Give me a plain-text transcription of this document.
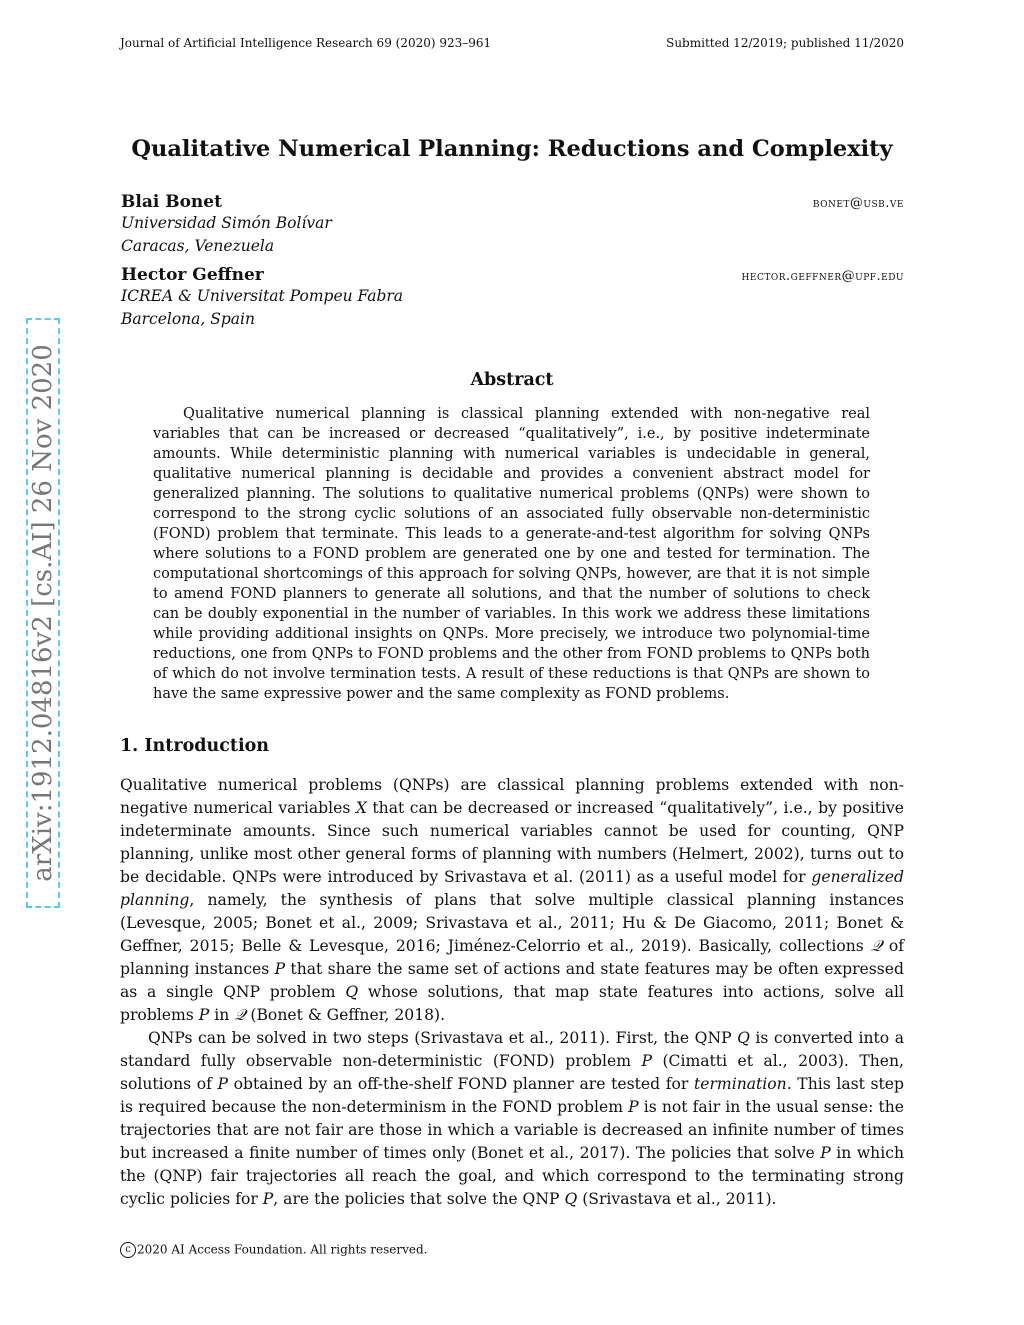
Journal of Artificial Intelligence Research 69 (2020) 923–961	Submitted 12/2019; published 11/2020
Qualitative Numerical Planning: Reductions and Complexity
Blai Bonet	bonet@usb.ve
Universidad Simón Bolívar
Caracas, Venezuela
Hector Geffner	hector.geffner@upf.edu
ICREA & Universitat Pompeu Fabra
Barcelona, Spain
arXiv:1912.04816v2 [cs.AI] 26 Nov 2020	Abstract

Qualitative numerical planning is classical planning extended with non-negative real variables that can be increased or decreased “qualitatively”, i.e., by positive indeterminate amounts. While deterministic planning with numerical variables is undecidable in general, qualitative numerical planning is decidable and provides a convenient abstract model for generalized planning. The solutions to qualitative numerical problems (QNPs) were shown to correspond to the strong cyclic solutions of an associated fully observable non-deterministic (FOND) problem that terminate. This leads to a generate-and-test algorithm for solving QNPs where solutions to a FOND problem are generated one by one and tested for termination. The computational shortcomings of this approach for solving QNPs, however, are that it is not simple to amend FOND planners to generate all solutions, and that the number of solutions to check can be doubly exponential in the number of variables. In this work we address these limitations while providing additional insights on QNPs. More precisely, we introduce two polynomial-time reductions, one from QNPs to FOND problems and the other from FOND problems to QNPs both of which do not involve termination tests. A result of these reductions is that QNPs are shown to have the same expressive power and the same complexity as FOND problems.

1. Introduction

Qualitative numerical problems (QNPs) are classical planning problems extended with non-negative numerical variables X that can be decreased or increased “qualitatively”, i.e., by positive indeterminate amounts. Since such numerical variables cannot be used for counting, QNP planning, unlike most other general forms of planning with numbers (Helmert, 2002), turns out to be decidable. QNPs were introduced by Srivastava et al. (2011) as a useful model for generalized planning, namely, the synthesis of plans that solve multiple classical planning instances (Levesque, 2005; Bonet et al., 2009; Srivastava et al., 2011; Hu & De Giacomo, 2011; Bonet & Geffner, 2015; Belle & Levesque, 2016; Jiménez-Celorrio et al., 2019). Basically, collections 𝒬 of planning instances P that share the same set of actions and state features may be often expressed as a single QNP problem Q whose solutions, that map state features into actions, solve all problems P in 𝒬 (Bonet & Geffner, 2018).

QNPs can be solved in two steps (Srivastava et al., 2011). First, the QNP Q is converted into a standard fully observable non-deterministic (FOND) problem P (Cimatti et al., 2003). Then, solutions of P obtained by an off-the-shelf FOND planner are tested for termination. This last step is required because the non-determinism in the FOND problem P is not fair in the usual sense: the trajectories that are not fair are those in which a variable is decreased an infinite number of times but increased a finite number of times only (Bonet et al., 2017). The policies that solve P in which the (QNP) fair trajectories all reach the goal, and which correspond to the terminating strong cyclic policies for P, are the policies that solve the QNP Q (Srivastava et al., 2011).

c 2020 AI Access Foundation. All rights reserved.
